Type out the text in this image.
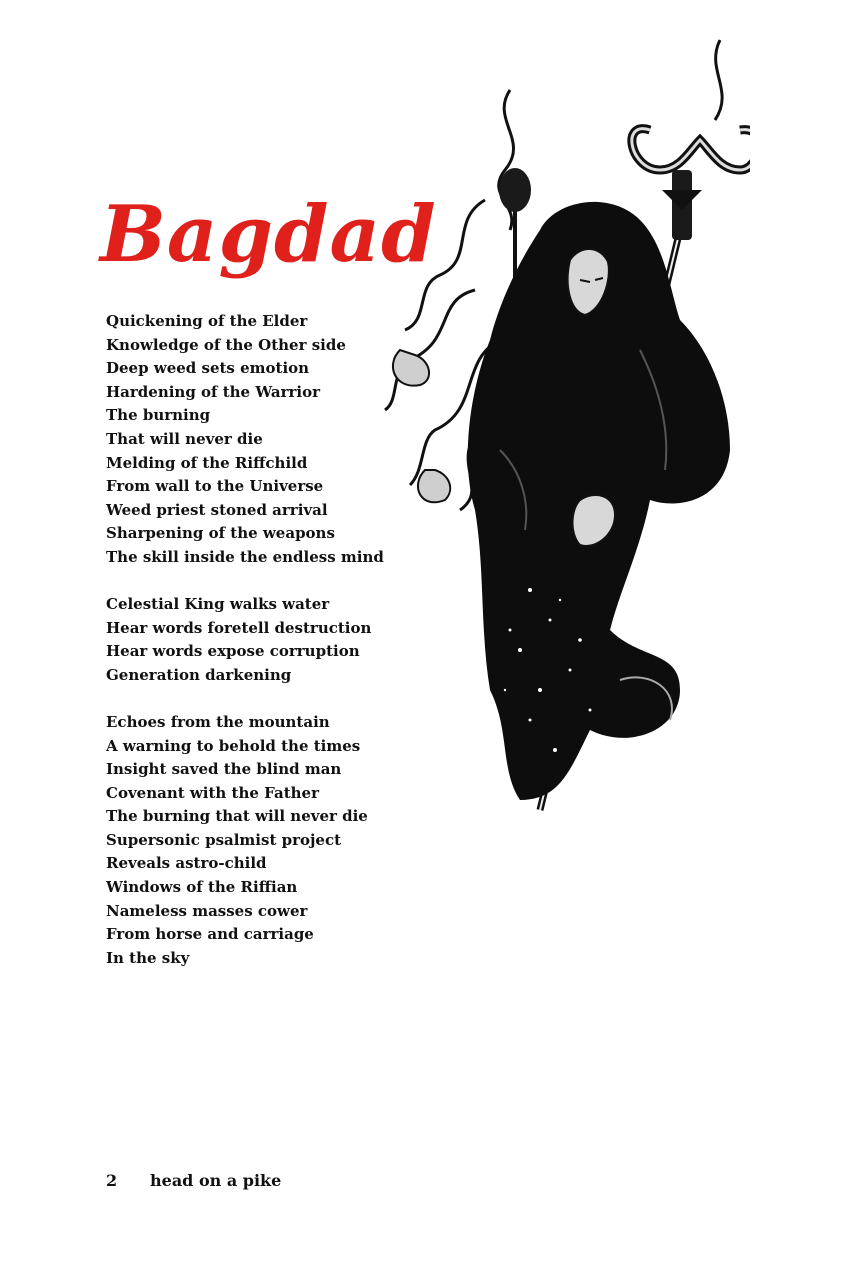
Bagdad
Quickening of the Elder
Knowledge of the Other side
Deep weed sets emotion
Hardening of the Warrior
The burning
That will never die
Melding of the Riffchild
From wall to the Universe
Weed priest stoned arrival
Sharpening of the weapons
The skill inside the endless mind
Celestial King walks water
Hear words foretell destruction
Hear words expose corruption
Generation darkening
Echoes from the mountain
A warning to behold the times
Insight saved the blind man
Covenant with the Father
The burning that will never die
Supersonic psalmist project
Reveals astro-child
Windows of the Riffian
Nameless masses cower
From horse and carriage
In the sky
2 head on a pike
